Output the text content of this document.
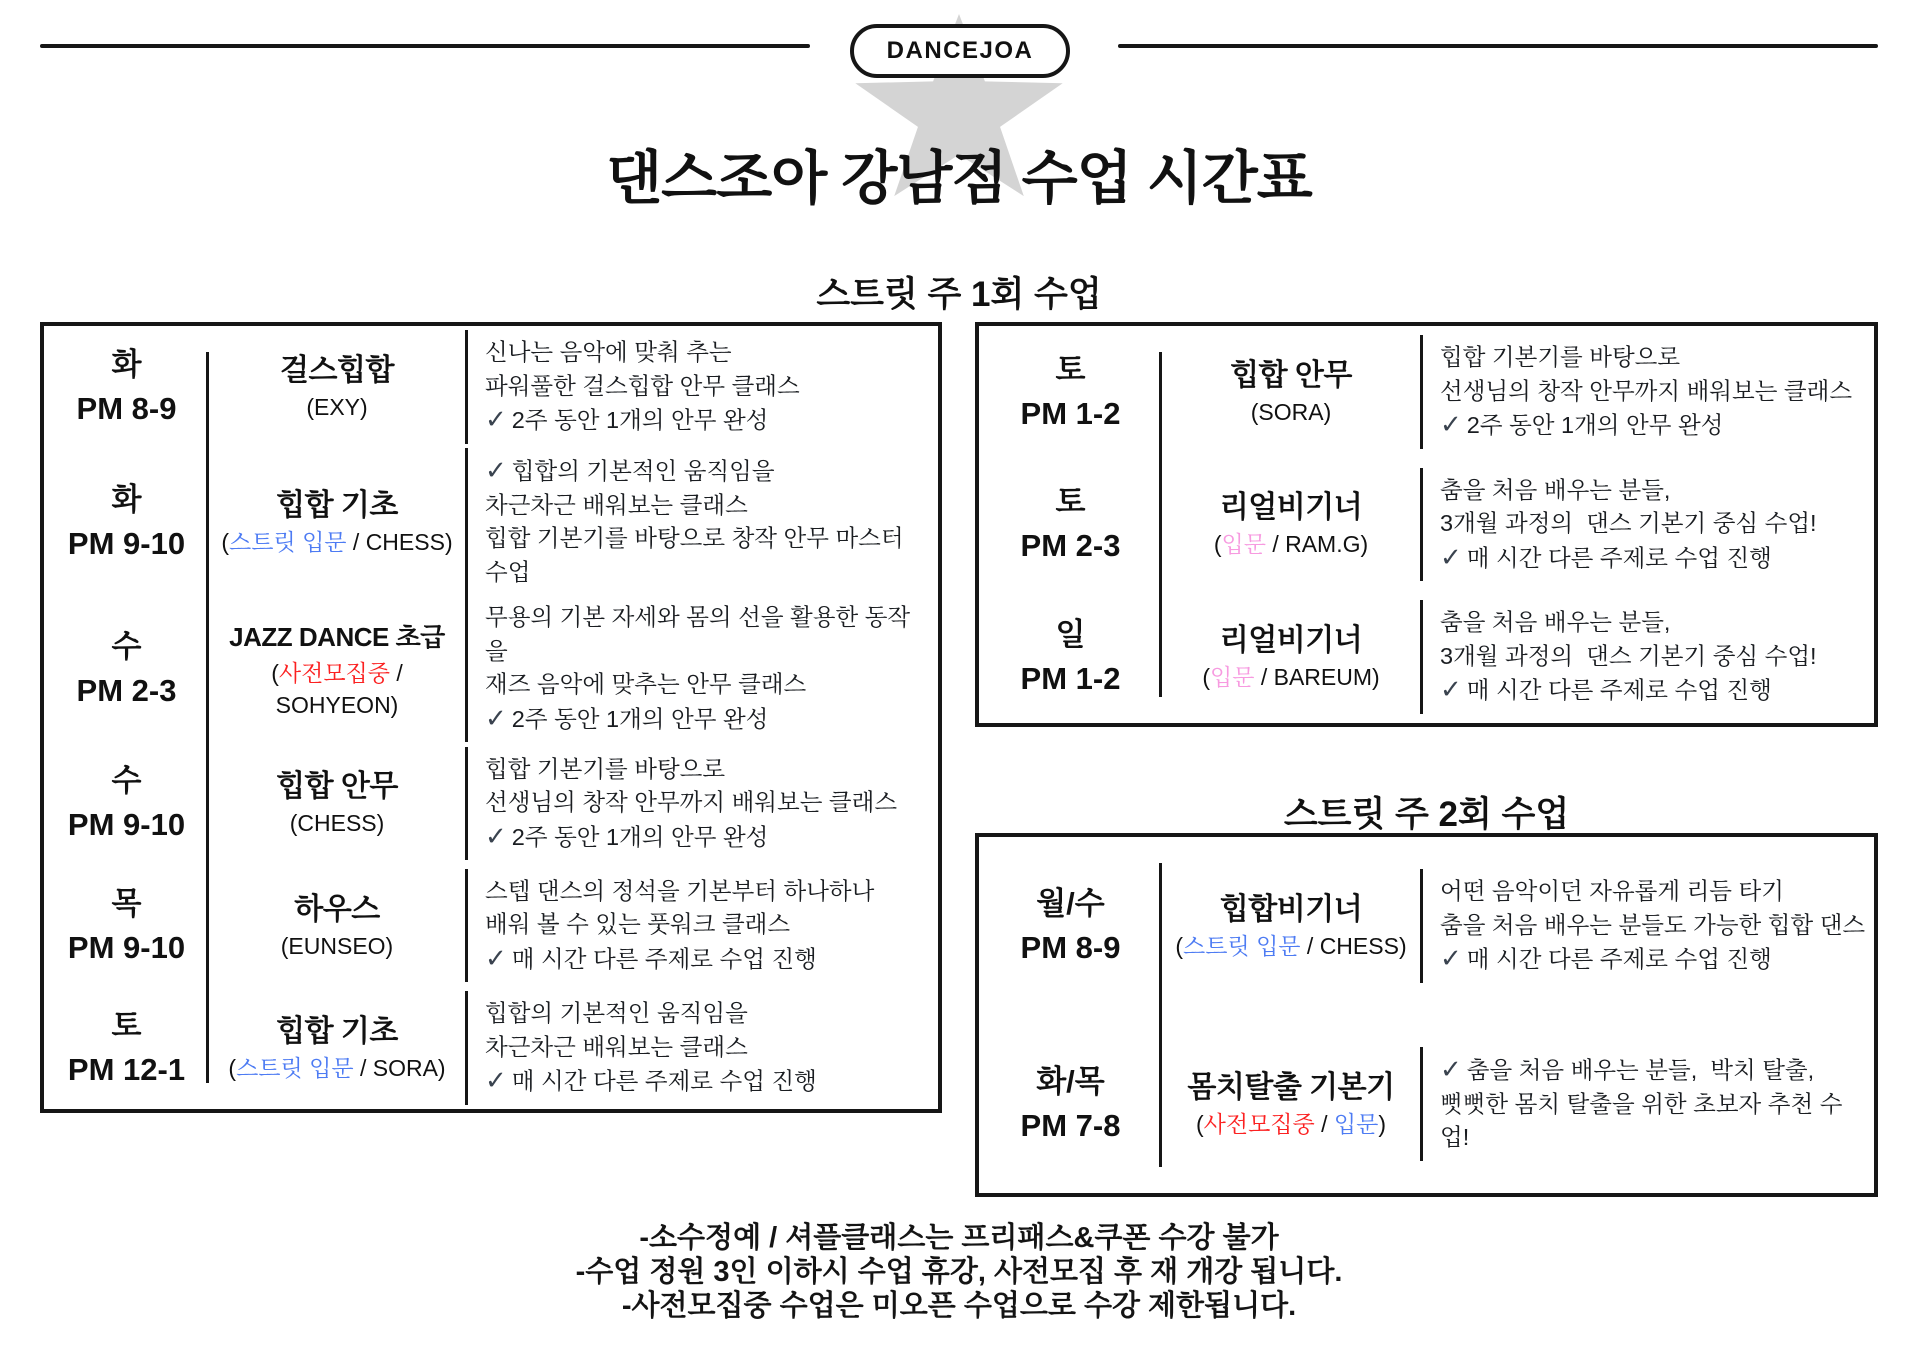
DANCEJOA
댄스조아 강남점 수업 시간표
스트릿 주 1회 수업
화
PM 8-9
걸스힙합
(EXY)
신나는 음악에 맞춰 추는
파워풀한 걸스힙합 안무 클래스
✓ 2주 동안 1개의 안무 완성
화
PM 9-10
힙합 기초
(스트릿 입문 / CHESS)
✓ 힙합의 기본적인 움직임을
차근차근 배워보는 클래스
힙합 기본기를 바탕으로 창작 안무 마스터 수업
수
PM 2-3
JAZZ DANCE 초급
(사전모집중 / SOHYEON)
무용의 기본 자세와 몸의 선을 활용한 동작을
재즈 음악에 맞추는 안무 클래스
✓ 2주 동안 1개의 안무 완성
수
PM 9-10
힙합 안무
(CHESS)
힙합 기본기를 바탕으로
선생님의 창작 안무까지 배워보는 클래스
✓ 2주 동안 1개의 안무 완성
목
PM 9-10
하우스
(EUNSEO)
스텝 댄스의 정석을 기본부터 하나하나
배워 볼 수 있는 풋워크 클래스
✓ 매 시간 다른 주제로 수업 진행
토
PM 12-1
힙합 기초
(스트릿 입문 / SORA)
힙합의 기본적인 움직임을
차근차근 배워보는 클래스
✓ 매 시간 다른 주제로 수업 진행
토
PM 1-2
힙합 안무
(SORA)
힙합 기본기를 바탕으로
선생님의 창작 안무까지 배워보는 클래스
✓ 2주 동안 1개의 안무 완성
토
PM 2-3
리얼비기너
(입문 / RAM.G)
춤을 처음 배우는 분들,
3개월 과정의  댄스 기본기 중심 수업!
✓ 매 시간 다른 주제로 수업 진행
일
PM 1-2
리얼비기너
(입문 / BAREUM)
춤을 처음 배우는 분들,
3개월 과정의  댄스 기본기 중심 수업!
✓ 매 시간 다른 주제로 수업 진행
스트릿 주 2회 수업
월/수
PM 8-9
힙합비기너
(스트릿 입문 / CHESS)
어떤 음악이던 자유롭게 리듬 타기
춤을 처음 배우는 분들도 가능한 힙합 댄스
✓ 매 시간 다른 주제로 수업 진행
화/목
PM 7-8
몸치탈출 기본기
(사전모집중 / 입문)
✓ 춤을 처음 배우는 분들,  박치 탈출,
뻣뻣한 몸치 탈출을 위한 초보자 추천 수업!
-소수정예 / 셔플클래스는 프리패스&쿠폰 수강 불가
-수업 정원 3인 이하시 수업 휴강, 사전모집 후 재 개강 됩니다.
-사전모집중 수업은 미오픈 수업으로 수강 제한됩니다.
